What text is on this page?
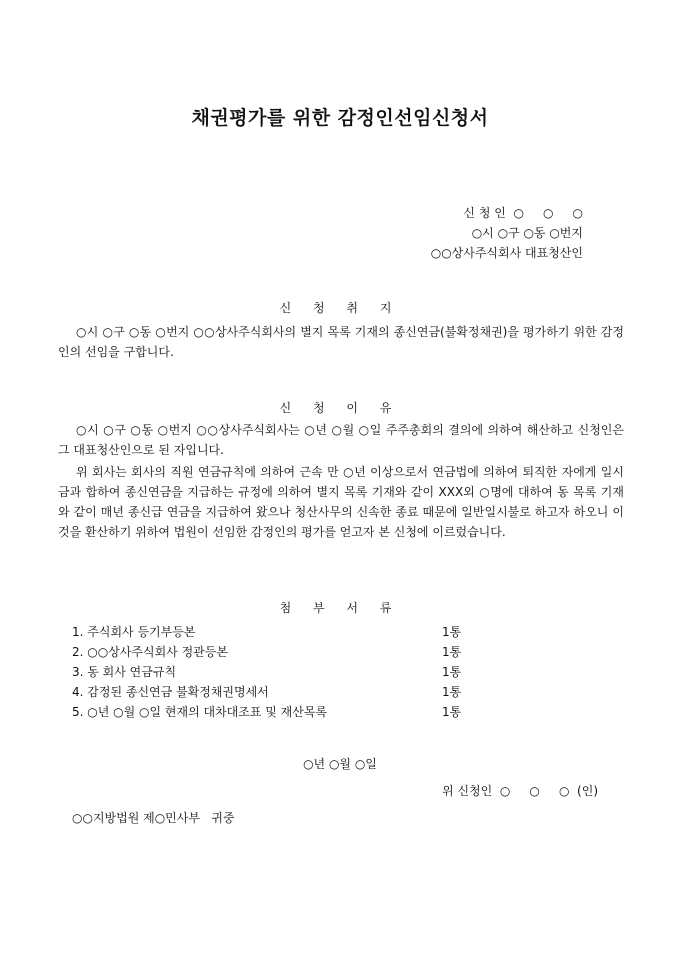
채권평가를 위한 감정인선임신청서
신 청 인  ○     ○     ○
○시 ○구 ○동 ○번지
○○상사주식회사 대표청산인
신 청 취 지

○시 ○구 ○동 ○번지 ○○상사주식회사의 별지 목록 기재의 종신연금(불확정채권)을 평가하기 위한 감정인의 선임을 구합니다.

신 청 이 유

○시 ○구 ○동 ○번지 ○○상사주식회사는 ○년 ○월 ○일 주주총회의 결의에 의하여 해산하고 신청인은 그 대표청산인으로 된 자입니다.

위 회사는 회사의 직원 연금규칙에 의하여 근속 만 ○년 이상으로서 연금법에 의하여 퇴직한 자에게 일시금과 합하여 종신연금을 지급하는 규정에 의하여 별지 목록 기재와 같이 XXX외 ○명에 대하여 동 목록 기재와 같이 매년 종신급 연금을 지급하여 왔으나 청산사무의 신속한 종료 때문에 일반일시불로 하고자 하오니 이것을 환산하기 위하여 법원이 선임한 감정인의 평가를 얻고자 본 신청에 이르렀습니다.

첨 부 서 류
1. 주식회사 등기부등본	1통
2. ○○상사주식회사 정관등본	1통
3. 동 회사 연금규칙	1통
4. 감정된 종신연금 불확정채권명세서	1통
5. ○년 ○월 ○일 현재의 대차대조표 및 재산목록	1통
○년 ○월 ○일
위 신청인  ○     ○     ○  (인)
○○지방법원 제○민사부   귀중
